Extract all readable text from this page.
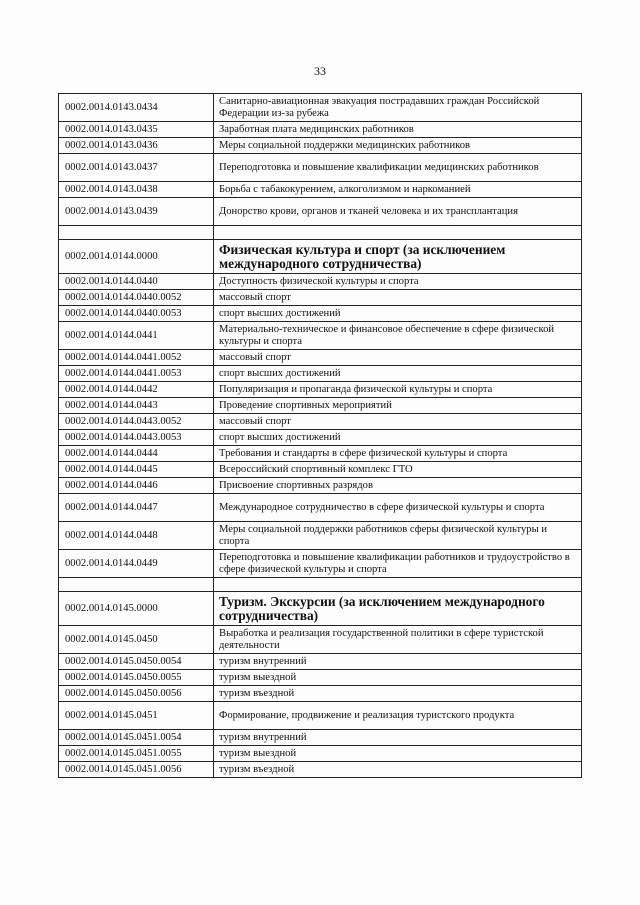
33
0002.0014.0143.0434	Санитарно-авиационная эвакуация пострадавших граждан Российской Федерации из-за рубежа
0002.0014.0143.0435	Заработная плата медицинских работников
0002.0014.0143.0436	Меры социальной поддержки медицинских работников
0002.0014.0143.0437	Переподготовка и повышение квалификации медицинских работников
0002.0014.0143.0438	Борьба с табакокурением, алкоголизмом и наркоманией
0002.0014.0143.0439	Донорство крови, органов и тканей человека и их трансплантация

0002.0014.0144.0000	Физическая культура и спорт (за исключением международного сотрудничества)
0002.0014.0144.0440	Доступность физической культуры и спорта
0002.0014.0144.0440.0052	массовый спорт
0002.0014.0144.0440.0053	спорт высших достижений
0002.0014.0144.0441	Материально-техническое и финансовое обеспечение в сфере физической культуры и спорта
0002.0014.0144.0441.0052	массовый спорт
0002.0014.0144.0441.0053	спорт высших достижений
0002.0014.0144.0442	Популяризация и пропаганда физической культуры и спорта
0002.0014.0144.0443	Проведение спортивных мероприятий
0002.0014.0144.0443.0052	массовый спорт
0002.0014.0144.0443.0053	спорт высших достижений
0002.0014.0144.0444	Требования и стандарты в сфере физической культуры и спорта
0002.0014.0144.0445	Всероссийский спортивный комплекс ГТО
0002.0014.0144.0446	Присвоение спортивных разрядов
0002.0014.0144.0447	Международное сотрудничество в сфере физической культуры и спорта
0002.0014.0144.0448	Меры социальной поддержки работников сферы физической культуры и спорта
0002.0014.0144.0449	Переподготовка и повышение квалификации работников и трудоустройство в сфере физической культуры и спорта

0002.0014.0145.0000	Туризм. Экскурсии (за исключением международного сотрудничества)
0002.0014.0145.0450	Выработка и реализация государственной политики в сфере туристской деятельности
0002.0014.0145.0450.0054	туризм внутренний
0002.0014.0145.0450.0055	туризм выездной
0002.0014.0145.0450.0056	туризм въездной
0002.0014.0145.0451	Формирование, продвижение и реализация туристского продукта
0002.0014.0145.0451.0054	туризм внутренний
0002.0014.0145.0451.0055	туризм выездной
0002.0014.0145.0451.0056	туризм въездной
